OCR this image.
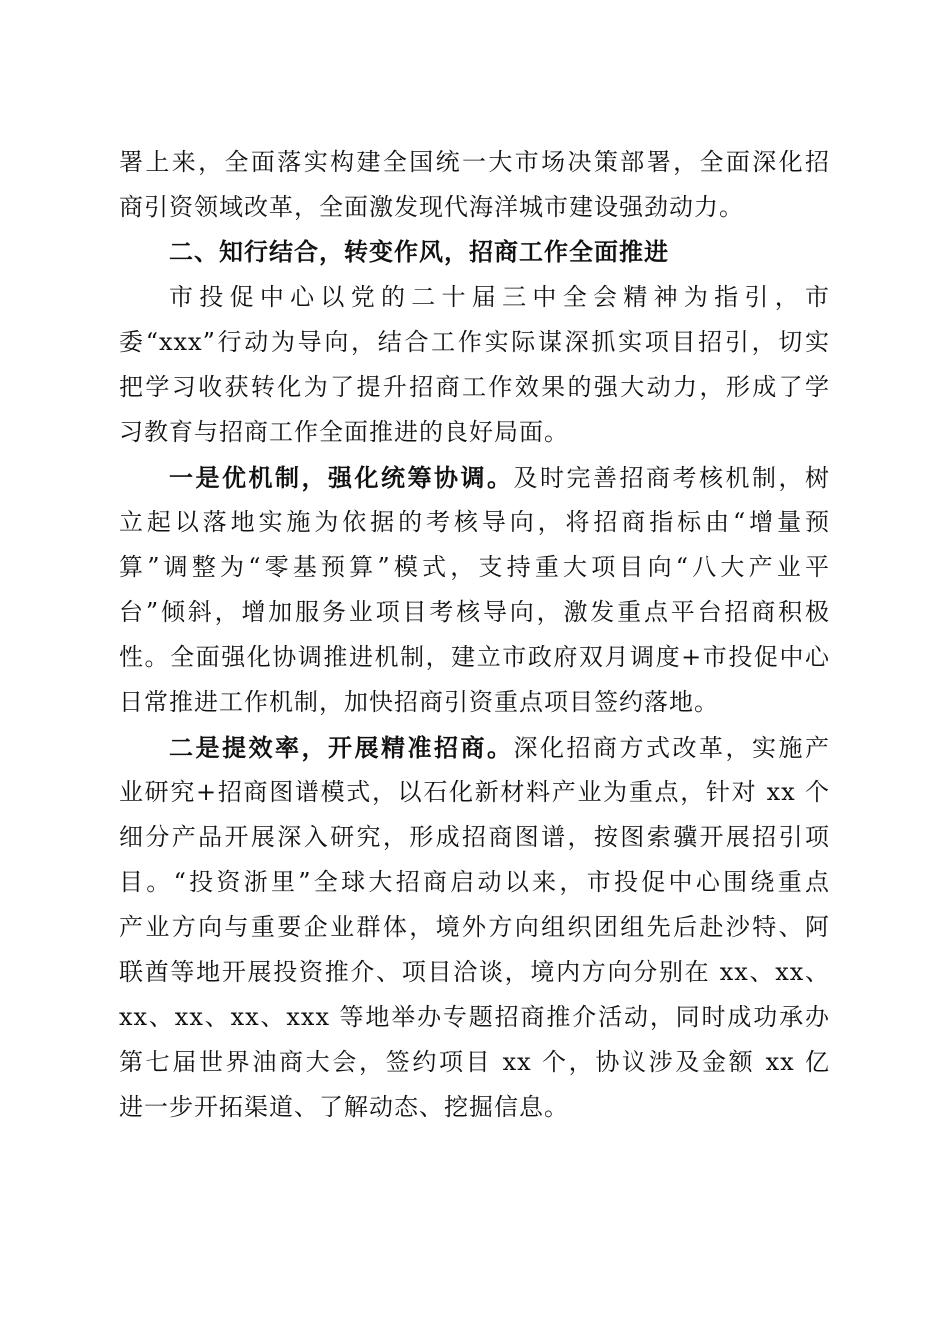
署上来，全面落实构建全国统一大市场决策部署，全面深化招
商引资领域改革，全面激发现代海洋城市建设强劲动力。
二、知行结合，转变作风，招商工作全面推进
市投促中心以党的二十届三中全会精神为指引，市
委“xxx”行动为导向，结合工作实际谋深抓实项目招引，切实
把学习收获转化为了提升招商工作效果的强大动力，形成了学
习教育与招商工作全面推进的良好局面。
一是优机制，强化统筹协调。及时完善招商考核机制，树
立起以落地实施为依据的考核导向，将招商指标由“增量预
算”调整为“零基预算”模式，支持重大项目向“八大产业平
台”倾斜，增加服务业项目考核导向，激发重点平台招商积极
性。全面强化协调推进机制，建立市政府双月调度+市投促中心
日常推进工作机制，加快招商引资重点项目签约落地。
二是提效率，开展精准招商。深化招商方式改革，实施产
业研究+招商图谱模式，以石化新材料产业为重点，针对 xx 个
细分产品开展深入研究，形成招商图谱，按图索骥开展招引项
目。“投资浙里”全球大招商启动以来，市投促中心围绕重点
产业方向与重要企业群体，境外方向组织团组先后赴沙特、阿
联酋等地开展投资推介、项目洽谈，境内方向分别在 xx、xx、
xx、xx、xx、xxx 等地举办专题招商推介活动，同时成功承办
第七届世界油商大会，签约项目 xx 个，协议涉及金额 xx 亿
进一步开拓渠道、了解动态、挖掘信息。
